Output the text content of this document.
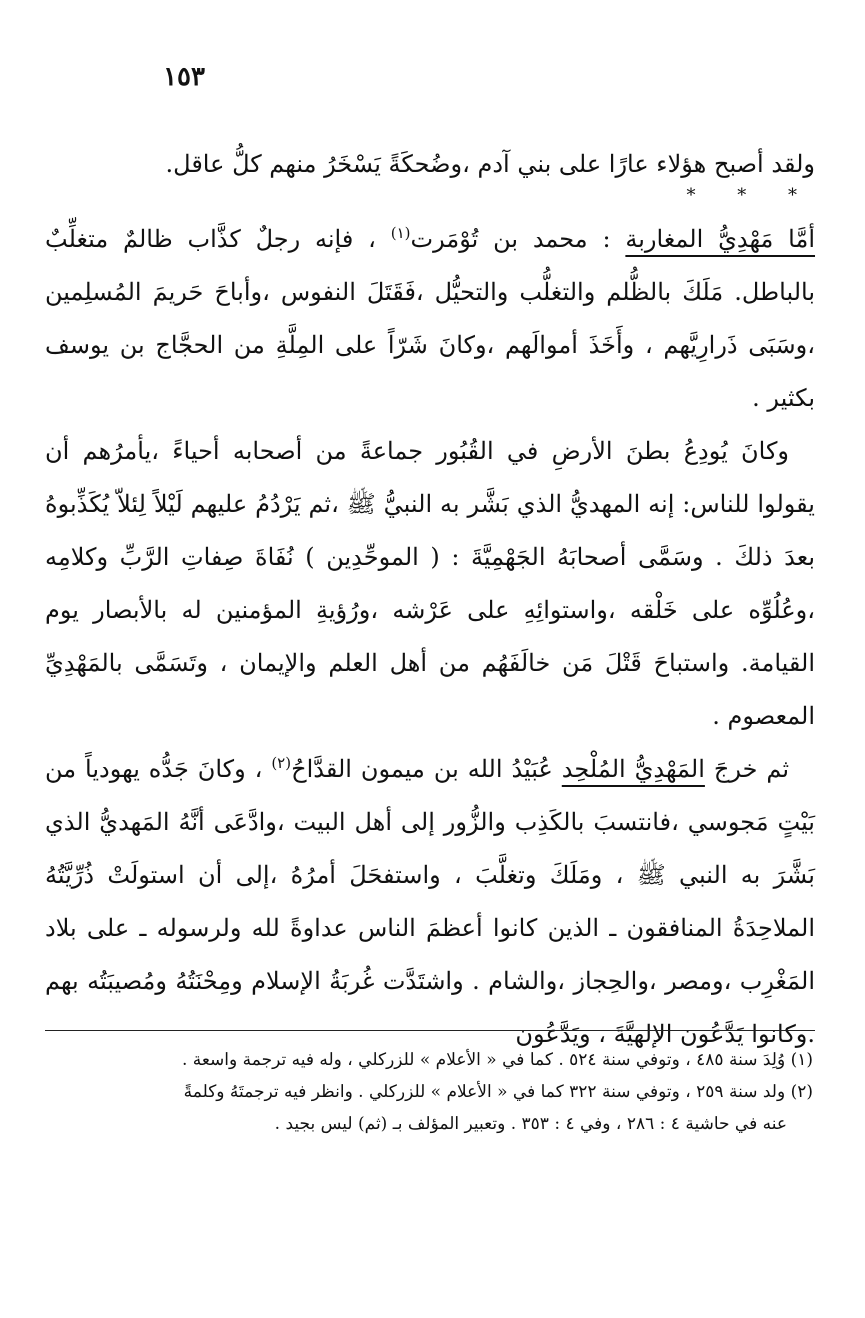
١٥٣

ولقد أصبح هؤلاء عارًا على بني آدم ،وضُحكَةً يَسْخَرُ منهم كلُّ عاقل.

* * *

أمَّا مَهْدِيُّ المغاربة : محمد بن تُوْمَرت$^{(١)}$ ، فإنه رجلٌ كذَّاب ظالمٌ متغلِّبٌ بالباطل. مَلَكَ بالظُّلم والتغلُّب والتحيُّل ،فَقَتَلَ النفوس ،وأباحَ حَريمَ المُسلِمين ،وسَبَى ذَرارِيَّهم ، وأَخَذَ أموالَهم ،وكانَ شَرّاً على المِلَّةِ من الحجَّاج بن يوسف بكثير .

وكانَ يُودِعُ بطنَ الأرضِ في القُبُور جماعةً من أصحابه أحياءً ،يأمرُهم أن يقولوا للناس: إنه المهديُّ الذي بَشَّر به النبيُّ ﷺ ،ثم يَرْدُمُ عليهم لَيْلاً لِئلاّ يُكَذِّبوهُ بعدَ ذلكَ . وسَمَّى أصحابَهُ الجَهْمِيَّةَ : ( الموحِّدِين ) نُفَاةَ صِفاتِ الرَّبِّ وكلامِه ،وعُلُوِّه على خَلْقه ،واستوائِهِ على عَرْشه ،ورُؤيةِ المؤمنين له بالأبصار يوم القيامة. واستباحَ قَتْلَ مَن خالَفَهُم من أهل العلم والإيمان ، وتَسَمَّى بالمَهْدِيِّ المعصوم .

ثم خرجَ المَهْدِيُّ المُلْحِد عُبَيْدُ الله بن ميمون القدَّاحُ$^{(٢)}$ ، وكانَ جَدُّه يهودياً من بَيْتٍ مَجوسي ،فانتسبَ بالكَذِب والزُّور إلى أهل البيت ،وادَّعَى أنَّهُ المَهديُّ الذي بَشَّرَ به النبي ﷺ ، ومَلَكَ وتغلَّبَ ، واستفحَلَ أمرُهُ ،إلى أن استولَتْ ذُرِّيَّتُهُ الملاحِدَةُ المنافقون ـ الذين كانوا أعظمَ الناس عداوةً لله ولرسوله ـ على بلاد المَغْرِب ،ومصر ،والحِجاز ،والشام . واشتَدَّت غُربَةُ الإسلام ومِحْنَتُهُ ومُصيبَتُه بهم .وكانوا يَدَّعُون الإلهيَّةَ ، ويَدَّعُون

(١) وُلِدَ سنة ٤٨٥ ، وتوفي سنة ٥٢٤ . كما في « الأعلام » للزركلي ، وله فيه ترجمة واسعة .

(٢) ولد سنة ٢٥٩ ، وتوفي سنة ٣٢٢ كما في « الأعلام » للزركلي . وانظر فيه ترجمتَهُ وكلمةً

عنه في حاشية ٤ : ٢٨٦ ، وفي ٤ : ٣٥٣ . وتعبير المؤلف بـ (ثم) ليس بجيد .
